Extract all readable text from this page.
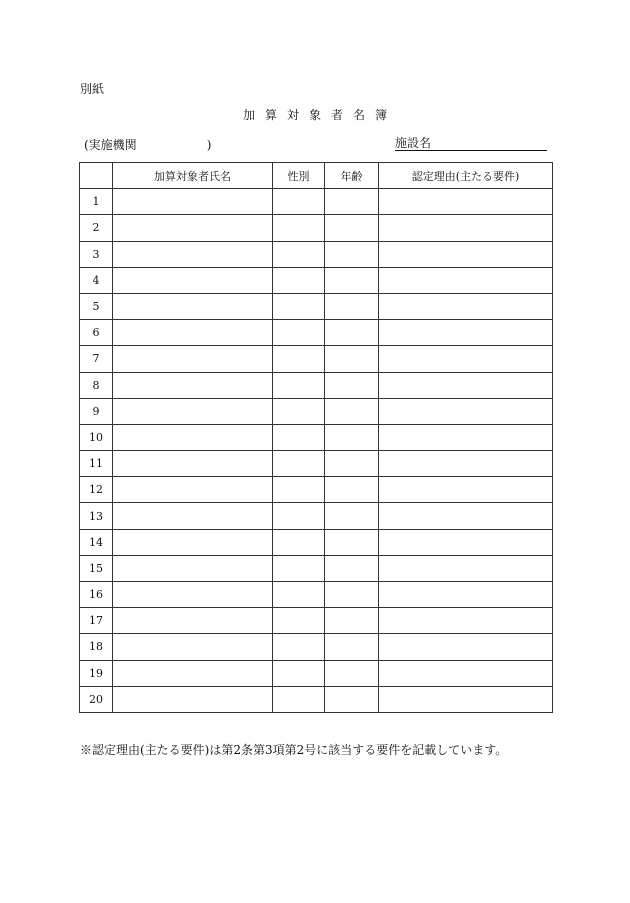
別紙
加算対象者名簿
(実施機関	)	施設名
	加算対象者氏名	性別	年齢	認定理由(主たる要件)
1				
2				
3				
4				
5				
6				
7				
8				
9				
10				
11				
12				
13				
14				
15				
16				
17				
18				
19				
20				
※認定理由(主たる要件)は第2条第3項第2号に該当する要件を記載しています。
